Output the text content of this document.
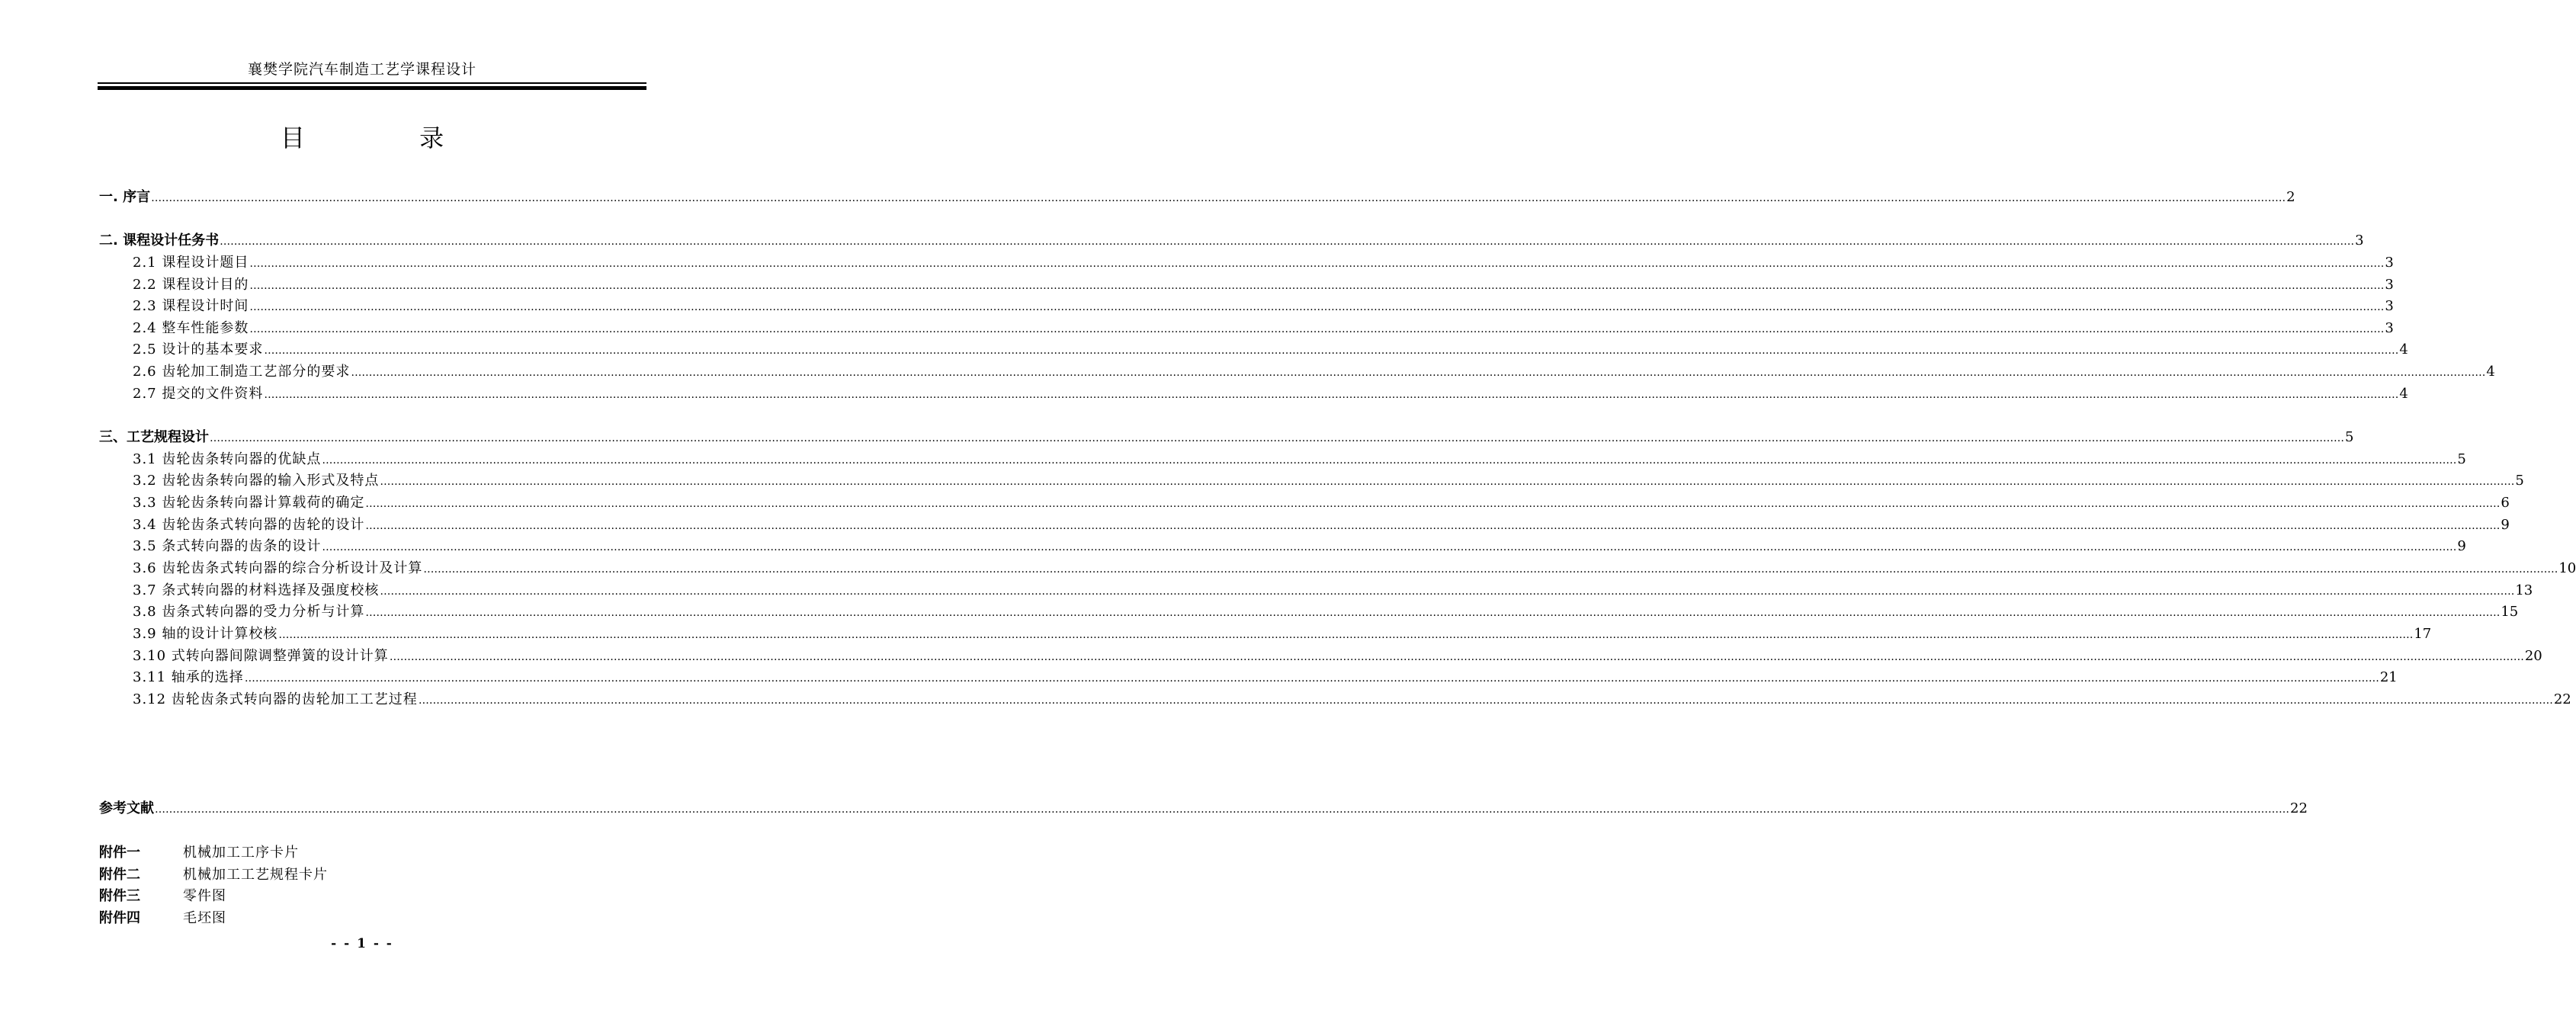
襄樊学院汽车制造工艺学课程设计
目 录
一. 序言 …………………………………………………………………………………………………………………………………………………………………………………………………………………………………………………………………………………………………………………………………………………………………………………………………………………………………………………………………………………………………………………………………………………… 2
二. 课程设计任务书 …………………………………………………………………………………………………………………………………………………………………………………………………………………………………………………………………………………………………………………………………………………………………………………………………………………………………………………………………………………………………………………………………………………… 3
2.1 课程设计题目 …………………………………………………………………………………………………………………………………………………………………………………………………………………………………………………………………………………………………………………………………………………………………………………………………………………………………………………………………………………………………………………………………………………… 3
2.2 课程设计目的 …………………………………………………………………………………………………………………………………………………………………………………………………………………………………………………………………………………………………………………………………………………………………………………………………………………………………………………………………………………………………………………………………………………… 3
2.3 课程设计时间 …………………………………………………………………………………………………………………………………………………………………………………………………………………………………………………………………………………………………………………………………………………………………………………………………………………………………………………………………………………………………………………………………………………… 3
2.4 整车性能参数 …………………………………………………………………………………………………………………………………………………………………………………………………………………………………………………………………………………………………………………………………………………………………………………………………………………………………………………………………………………………………………………………………………………… 3
2.5 设计的基本要求 …………………………………………………………………………………………………………………………………………………………………………………………………………………………………………………………………………………………………………………………………………………………………………………………………………………………………………………………………………………………………………………………………………………… 4
2.6 齿轮加工制造工艺部分的要求 …………………………………………………………………………………………………………………………………………………………………………………………………………………………………………………………………………………………………………………………………………………………………………………………………………………………………………………………………………………………………………………………………………………… 4
2.7 提交的文件资料 …………………………………………………………………………………………………………………………………………………………………………………………………………………………………………………………………………………………………………………………………………………………………………………………………………………………………………………………………………………………………………………………………………………… 4
三、工艺规程设计 …………………………………………………………………………………………………………………………………………………………………………………………………………………………………………………………………………………………………………………………………………………………………………………………………………………………………………………………………………………………………………………………………………………… 5
3.1 齿轮齿条转向器的优缺点 …………………………………………………………………………………………………………………………………………………………………………………………………………………………………………………………………………………………………………………………………………………………………………………………………………………………………………………………………………………………………………………………………………………… 5
3.2 齿轮齿条转向器的输入形式及特点 …………………………………………………………………………………………………………………………………………………………………………………………………………………………………………………………………………………………………………………………………………………………………………………………………………………………………………………………………………………………………………………………………………………… 5
3.3 齿轮齿条转向器计算载荷的确定 …………………………………………………………………………………………………………………………………………………………………………………………………………………………………………………………………………………………………………………………………………………………………………………………………………………………………………………………………………………………………………………………………………………… 6
3.4 齿轮齿条式转向器的齿轮的设计 …………………………………………………………………………………………………………………………………………………………………………………………………………………………………………………………………………………………………………………………………………………………………………………………………………………………………………………………………………………………………………………………………………………… 9
3.5 条式转向器的齿条的设计 …………………………………………………………………………………………………………………………………………………………………………………………………………………………………………………………………………………………………………………………………………………………………………………………………………………………………………………………………………………………………………………………………………………… 9
3.6 齿轮齿条式转向器的综合分析设计及计算 …………………………………………………………………………………………………………………………………………………………………………………………………………………………………………………………………………………………………………………………………………………………………………………………………………………………………………………………………………………………………………………………………………………… 10
3.7 条式转向器的材料选择及强度校核 …………………………………………………………………………………………………………………………………………………………………………………………………………………………………………………………………………………………………………………………………………………………………………………………………………………………………………………………………………………………………………………………………………………… 13
3.8 齿条式转向器的受力分析与计算 …………………………………………………………………………………………………………………………………………………………………………………………………………………………………………………………………………………………………………………………………………………………………………………………………………………………………………………………………………………………………………………………………………………… 15
3.9 轴的设计计算校核 …………………………………………………………………………………………………………………………………………………………………………………………………………………………………………………………………………………………………………………………………………………………………………………………………………………………………………………………………………………………………………………………………………………… 17
3.10 式转向器间隙调整弹簧的设计计算 …………………………………………………………………………………………………………………………………………………………………………………………………………………………………………………………………………………………………………………………………………………………………………………………………………………………………………………………………………………………………………………………………………………… 20
3.11 轴承的选择 …………………………………………………………………………………………………………………………………………………………………………………………………………………………………………………………………………………………………………………………………………………………………………………………………………………………………………………………………………………………………………………………………………………… 21
3.12 齿轮齿条式转向器的齿轮加工工艺过程 …………………………………………………………………………………………………………………………………………………………………………………………………………………………………………………………………………………………………………………………………………………………………………………………………………………………………………………………………………………………………………………………………………………… 22
参考文献 …………………………………………………………………………………………………………………………………………………………………………………………………………………………………………………………………………………………………………………………………………………………………………………………………………………………………………………………………………………………………………………………………………………… 22
附件一	机械加工工序卡片
附件二	机械加工工艺规程卡片
附件三	零件图
附件四	毛坯图
- - 1 - -
